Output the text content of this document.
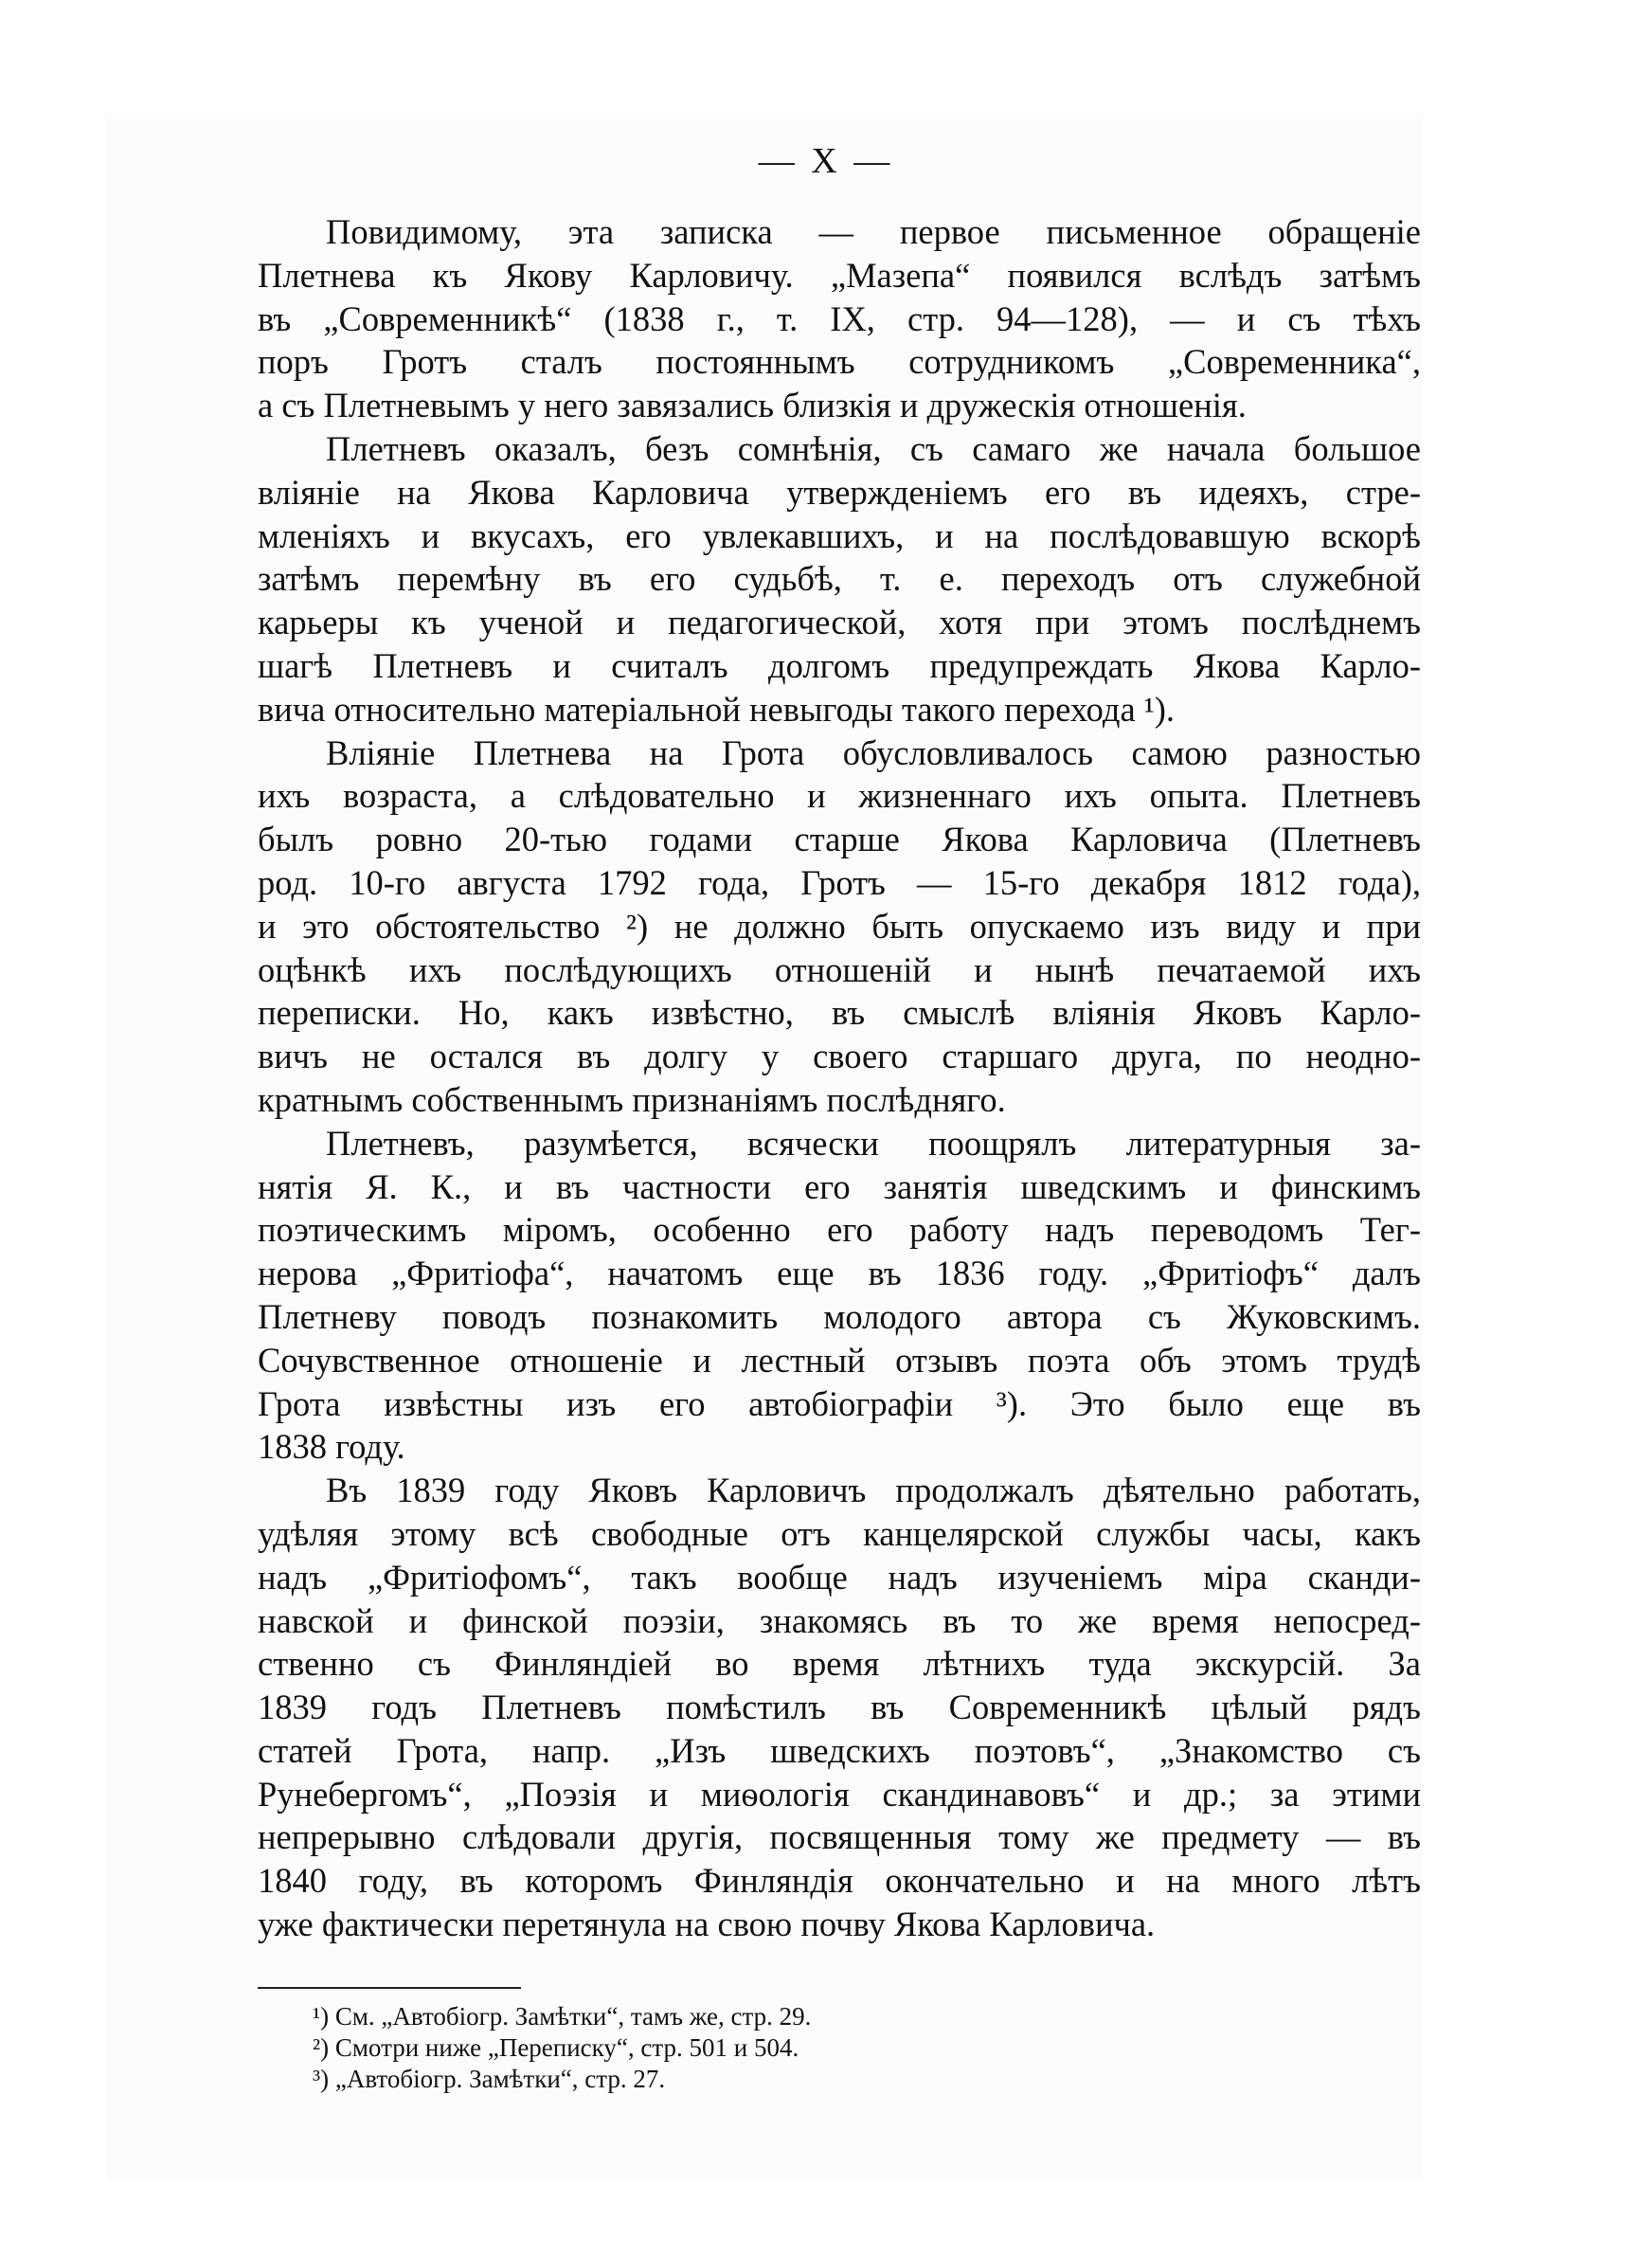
— X —

Повидимому, эта записка — первое письменное обращеніе
Плетнева къ Якову Карловичу. „Мазепа“ появился вслѣдъ затѣмъ
въ „Современникѣ“ (1838 г., т. IX, стр. 94—128), — и съ тѣхъ
поръ Гротъ сталъ постояннымъ сотрудникомъ „Современника“,
а съ Плетневымъ у него завязались близкія и дружескія отношенія.

Плетневъ оказалъ, безъ сомнѣнія, съ самаго же начала большое
вліяніе на Якова Карловича утвержденіемъ его въ идеяхъ, стре-
мленіяхъ и вкусахъ, его увлекавшихъ, и на послѣдовавшую вскорѣ
затѣмъ перемѣну въ его судьбѣ, т. е. переходъ отъ служебной
карьеры къ ученой и педагогической, хотя при этомъ послѣднемъ
шагѣ Плетневъ и считалъ долгомъ предупреждать Якова Карло-
вича относительно матеріальной невыгоды такого перехода ¹).

Вліяніе Плетнева на Грота обусловливалось самою разностью
ихъ возраста, а слѣдовательно и жизненнаго ихъ опыта. Плетневъ
былъ ровно 20-тью годами старше Якова Карловича (Плетневъ
род. 10-го августа 1792 года, Гротъ — 15-го декабря 1812 года),
и это обстоятельство ²) не должно быть опускаемо изъ виду и при
оцѣнкѣ ихъ послѣдующихъ отношеній и нынѣ печатаемой ихъ
переписки. Но, какъ извѣстно, въ смыслѣ вліянія Яковъ Карло-
вичъ не остался въ долгу у своего старшаго друга, по неодно-
кратнымъ собственнымъ признаніямъ послѣдняго.

Плетневъ, разумѣется, всячески поощрялъ литературныя за-
нятія Я. К., и въ частности его занятія шведскимъ и финскимъ
поэтическимъ міромъ, особенно его работу надъ переводомъ Тег-
нерова „Фритіофа“, начатомъ еще въ 1836 году. „Фритіофъ“ далъ
Плетневу поводъ познакомить молодого автора съ Жуковскимъ.
Сочувственное отношеніе и лестный отзывъ поэта объ этомъ трудѣ
Грота извѣстны изъ его автобіографіи ³). Это было еще въ
1838 году.

Въ 1839 году Яковъ Карловичъ продолжалъ дѣятельно работать,
удѣляя этому всѣ свободные отъ канцелярской службы часы, какъ
надъ „Фритіофомъ“, такъ вообще надъ изученіемъ міра сканди-
навской и финской поэзіи, знакомясь въ то же время непосред-
ственно съ Финляндіей во время лѣтнихъ туда экскурсій. За
1839 годъ Плетневъ помѣстилъ въ Современникѣ цѣлый рядъ
статей Грота, напр. „Изъ шведскихъ поэтовъ“, „Знакомство съ
Рунебергомъ“, „Поэзія и миѳологія скандинавовъ“ и др.; за этими
непрерывно слѣдовали другія, посвященныя тому же предмету — въ
1840 году, въ которомъ Финляндія окончательно и на много лѣтъ
уже фактически перетянула на свою почву Якова Карловича.

¹) См. „Автобіогр. Замѣтки“, тамъ же, стр. 29.
²) Смотри ниже „Переписку“, стр. 501 и 504.
³) „Автобіогр. Замѣтки“, стр. 27.
